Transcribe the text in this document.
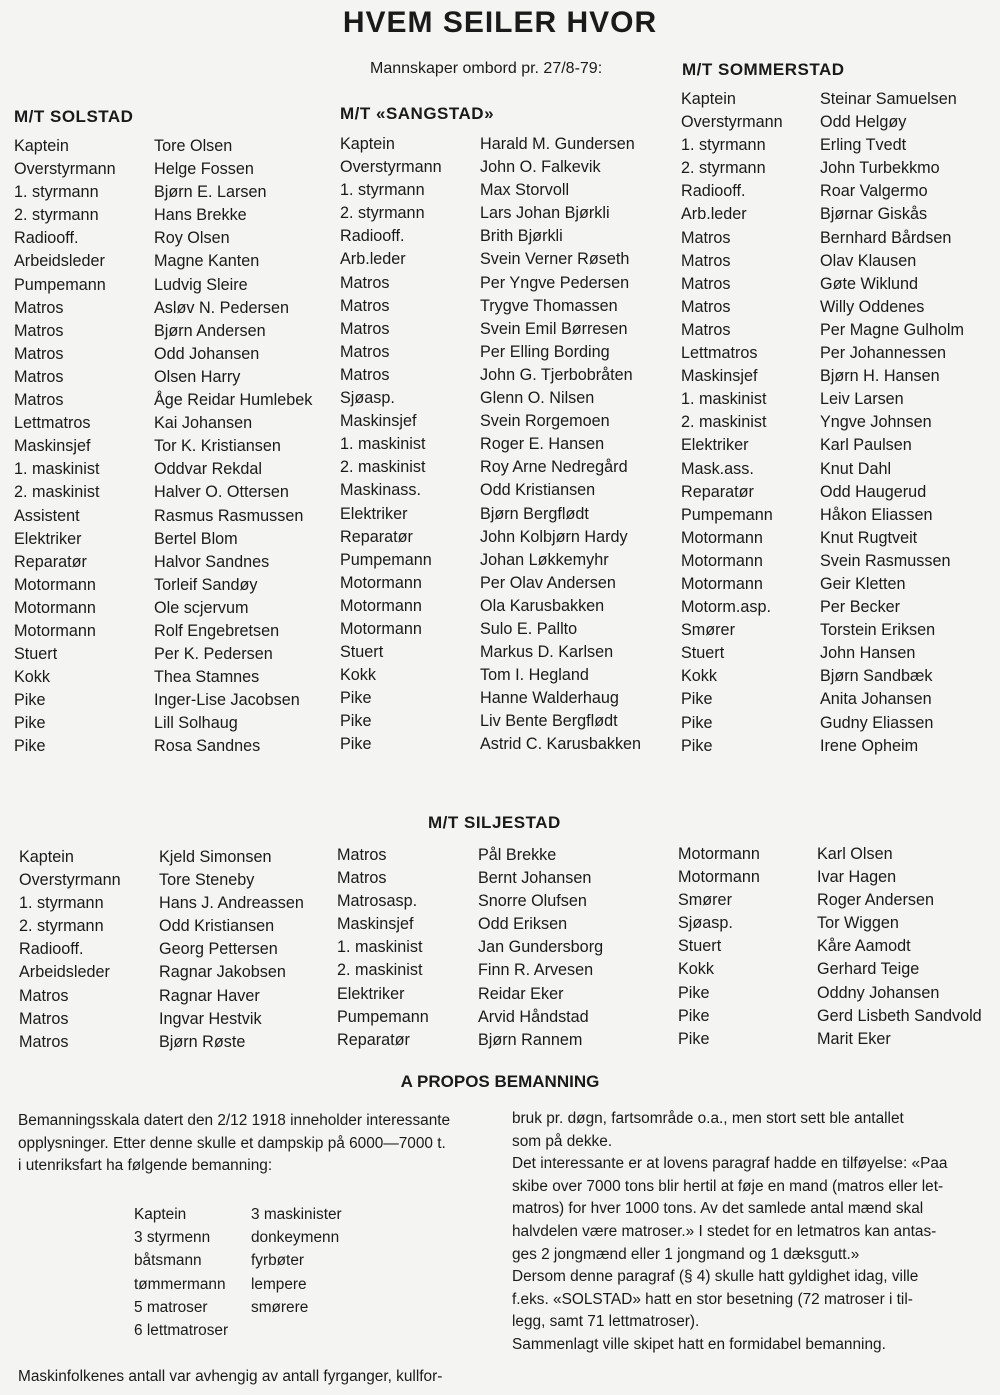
HVEM SEILER HVOR
Mannskaper ombord pr. 27/8-79:
M/T SOLSTAD
Kaptein	Tore Olsen
Overstyrmann	Helge Fossen
1. styrmann	Bjørn E. Larsen
2. styrmann	Hans Brekke
Radiooff.	Roy Olsen
Arbeidsleder	Magne Kanten
Pumpemann	Ludvig Sleire
Matros	Asløv N. Pedersen
Matros	Bjørn Andersen
Matros	Odd Johansen
Matros	Olsen Harry
Matros	Åge Reidar Humlebek
Lettmatros	Kai Johansen
Maskinsjef	Tor K. Kristiansen
1. maskinist	Oddvar Rekdal
2. maskinist	Halver O. Ottersen
Assistent	Rasmus Rasmussen
Elektriker	Bertel Blom
Reparatør	Halvor Sandnes
Motormann	Torleif Sandøy
Motormann	Ole scjervum
Motormann	Rolf Engebretsen
Stuert	Per K. Pedersen
Kokk	Thea Stamnes
Pike	Inger-Lise Jacobsen
Pike	Lill Solhaug
Pike	Rosa Sandnes
M/T «SANGSTAD»
Kaptein	Harald M. Gundersen
Overstyrmann	John O. Falkevik
1. styrmann	Max Storvoll
2. styrmann	Lars Johan Bjørkli
Radiooff.	Brith Bjørkli
Arb.leder	Svein Verner Røseth
Matros	Per Yngve Pedersen
Matros	Trygve Thomassen
Matros	Svein Emil Børresen
Matros	Per Elling Bording
Matros	John G. Tjerbobråten
Sjøasp.	Glenn O. Nilsen
Maskinsjef	Svein Rorgemoen
1. maskinist	Roger E. Hansen
2. maskinist	Roy Arne Nedregård
Maskinass.	Odd Kristiansen
Elektriker	Bjørn Bergflødt
Reparatør	John Kolbjørn Hardy
Pumpemann	Johan Løkkemyhr
Motormann	Per Olav Andersen
Motormann	Ola Karusbakken
Motormann	Sulo E. Pallto
Stuert	Markus D. Karlsen
Kokk	Tom I. Hegland
Pike	Hanne Walderhaug
Pike	Liv Bente Bergflødt
Pike	Astrid C. Karusbakken
M/T SOMMERSTAD
Kaptein	Steinar Samuelsen
Overstyrmann	Odd Helgøy
1. styrmann	Erling Tvedt
2. styrmann	John Turbekkmo
Radiooff.	Roar Valgermo
Arb.leder	Bjørnar Giskås
Matros	Bernhard Bårdsen
Matros	Olav Klausen
Matros	Gøte Wiklund
Matros	Willy Oddenes
Matros	Per Magne Gulholm
Lettmatros	Per Johannessen
Maskinsjef	Bjørn H. Hansen
1. maskinist	Leiv Larsen
2. maskinist	Yngve Johnsen
Elektriker	Karl Paulsen
Mask.ass.	Knut Dahl
Reparatør	Odd Haugerud
Pumpemann	Håkon Eliassen
Motormann	Knut Rugtveit
Motormann	Svein Rasmussen
Motormann	Geir Kletten
Motorm.asp.	Per Becker
Smører	Torstein Eriksen
Stuert	John Hansen
Kokk	Bjørn Sandbæk
Pike	Anita Johansen
Pike	Gudny Eliassen
Pike	Irene Opheim
M/T SILJESTAD
Kaptein	Kjeld Simonsen
Overstyrmann	Tore Steneby
1. styrmann	Hans J. Andreassen
2. styrmann	Odd Kristiansen
Radiooff.	Georg Pettersen
Arbeidsleder	Ragnar Jakobsen
Matros	Ragnar Haver
Matros	Ingvar Hestvik
Matros	Bjørn Røste
Matros	Pål Brekke
Matros	Bernt Johansen
Matrosasp.	Snorre Olufsen
Maskinsjef	Odd Eriksen
1. maskinist	Jan Gundersborg
2. maskinist	Finn R. Arvesen
Elektriker	Reidar Eker
Pumpemann	Arvid Håndstad
Reparatør	Bjørn Rannem
Motormann	Karl Olsen
Motormann	Ivar Hagen
Smører	Roger Andersen
Sjøasp.	Tor Wiggen
Stuert	Kåre Aamodt
Kokk	Gerhard Teige
Pike	Oddny Johansen
Pike	Gerd Lisbeth Sandvold
Pike	Marit Eker
A PROPOS BEMANNING
Bemanningsskala datert den 2/12 1918 inneholder interessante
opplysninger. Etter denne skulle et dampskip på 6000—7000 t.
i utenriksfart ha følgende bemanning:
Kaptein	3 maskinister
3 styrmenn	donkeymenn
båtsmann	fyrbøter
tømmermann	lempere
5 matroser	smørere
6 lettmatroser
Maskinfolkenes antall var avhengig av antall fyrganger, kullfor-
bruk pr. døgn, fartsområde o.a., men stort sett ble antallet
som på dekke.
Det interessante er at lovens paragraf hadde en tilføyelse: «Paa
skibe over 7000 tons blir hertil at føje en mand (matros eller let-
matros) for hver 1000 tons. Av det samlede antal mænd skal
halvdelen være matroser.» I stedet for en letmatros kan antas-
ges 2 jongmænd eller 1 jongmand og 1 dæksgutt.»
Dersom denne paragraf (§ 4) skulle hatt gyldighet idag, ville
f.eks. «SOLSTAD» hatt en stor besetning (72 matroser i til-
legg, samt 71 lettmatroser).
Sammenlagt ville skipet hatt en formidabel bemanning.
